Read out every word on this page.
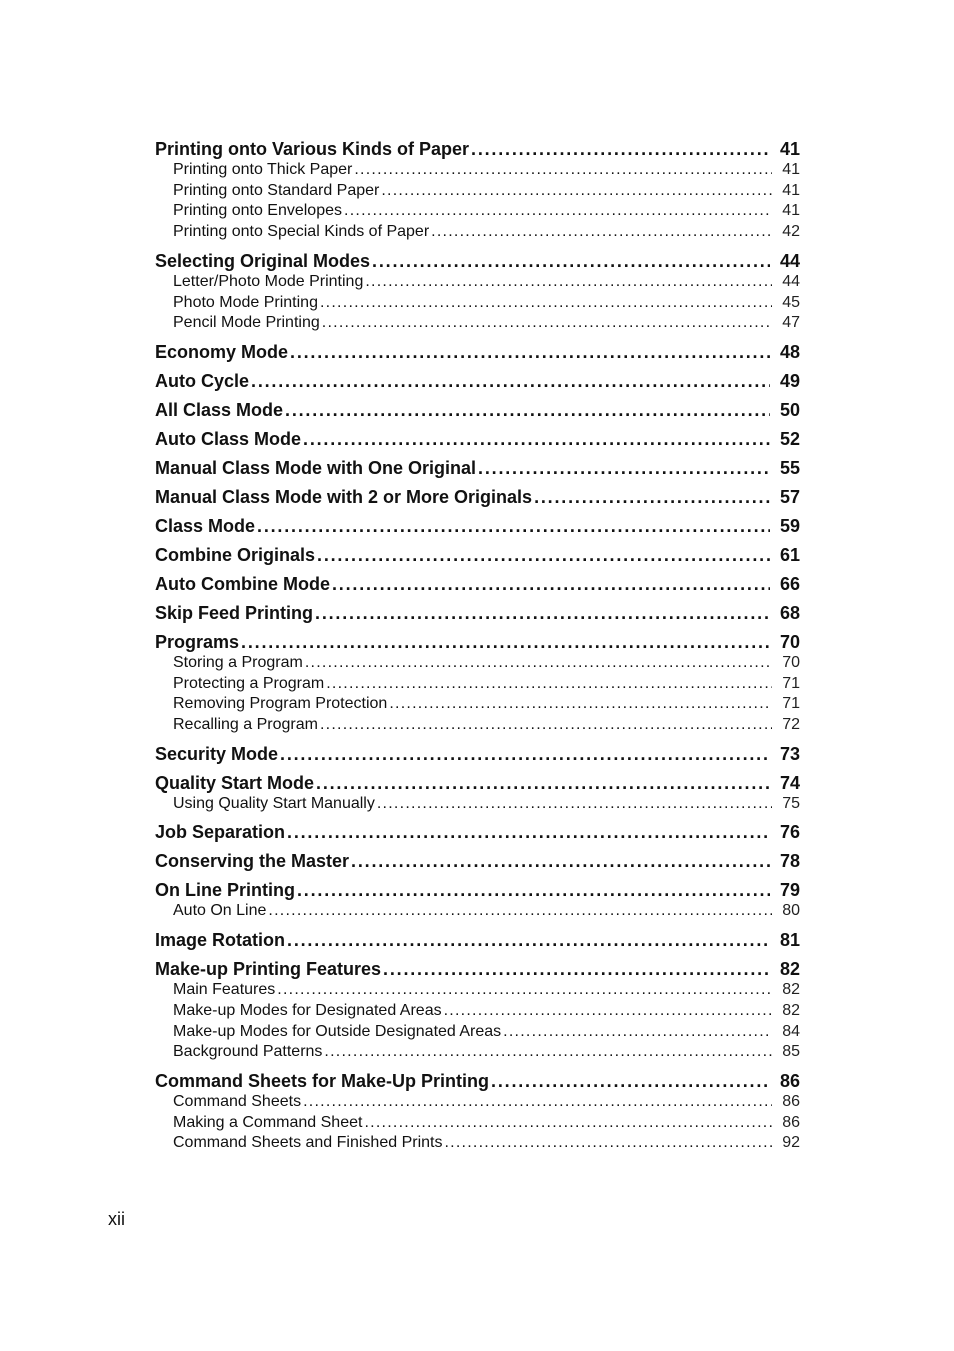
Printing onto Various Kinds of Paper . . .	41
Printing onto Thick Paper . . .	41
Printing onto Standard Paper . . .	41
Printing onto Envelopes . . .	41
Printing onto Special Kinds of Paper . . .	42
Selecting Original Modes . . .	44
Letter/Photo Mode Printing . . .	44
Photo Mode Printing . . .	45
Pencil Mode Printing . . .	47
Economy Mode . . .	48
Auto Cycle . . .	49
All Class Mode . . .	50
Auto Class Mode . . .	52
Manual Class Mode with One Original . . .	55
Manual Class Mode with 2 or More Originals . . .	57
Class Mode . . .	59
Combine Originals . . .	61
Auto Combine Mode . . .	66
Skip Feed Printing . . .	68
Programs . . .	70
Storing a Program . . .	70
Protecting a Program . . .	71
Removing Program Protection . . .	71
Recalling a Program . . .	72
Security Mode . . .	73
Quality Start Mode . . .	74
Using Quality Start Manually . . .	75
Job Separation . . .	76
Conserving the Master . . .	78
On Line Printing . . .	79
Auto On Line . . .	80
Image Rotation . . .	81
Make-up Printing Features . . .	82
Main Features . . .	82
Make-up Modes for Designated Areas . . .	82
Make-up Modes for Outside Designated Areas . . .	84
Background Patterns . . .	85
Command Sheets for Make-Up Printing . . .	86
Command Sheets . . .	86
Making a Command Sheet . . .	86
Command Sheets and Finished Prints . . .	92
xii
